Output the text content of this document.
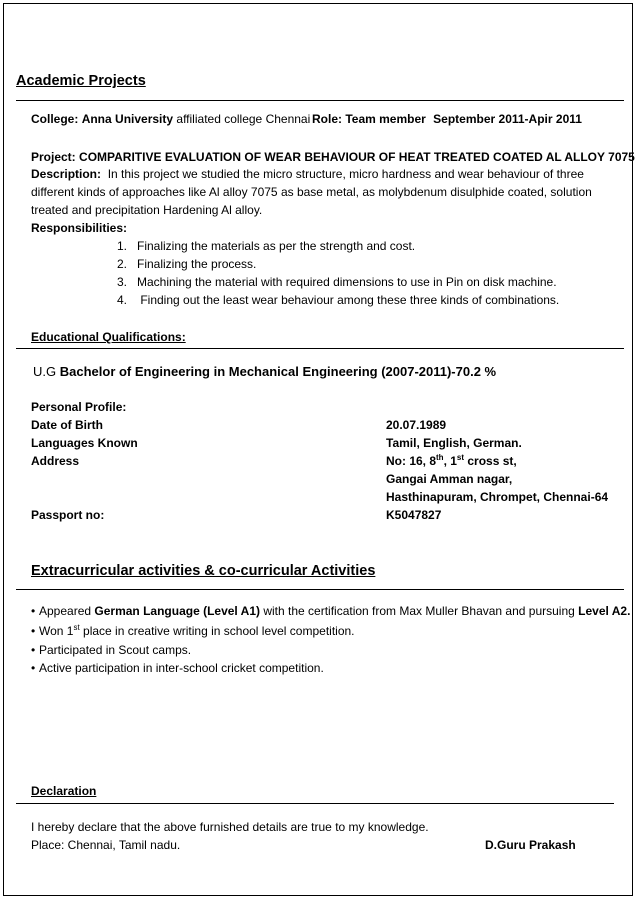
Academic Projects
College: Anna University affiliated college Chennai Role: Team member September 2011-Apir 2011
Project: COMPARITIVE EVALUATION OF WEAR BEHAVIOUR OF HEAT TREATED COATED AL ALLOY 7075
Description: In this project we studied the micro structure, micro hardness and wear behaviour of three different kinds of approaches like Al alloy 7075 as base metal, as molybdenum disulphide coated, solution treated and precipitation Hardening Al alloy.
Responsibilities:
1. Finalizing the materials as per the strength and cost.
2. Finalizing the process.
3. Machining the material with required dimensions to use in Pin on disk machine.
4. Finding out the least wear behaviour among these three kinds of combinations.
Educational Qualifications:
U.G Bachelor of Engineering in Mechanical Engineering (2007-2011)-70.2 %
Personal Profile:
Date of Birth	20.07.1989
Languages Known	Tamil, English, German.
Address	No: 16, 8th, 1st cross st,
Gangai Amman nagar,
Hasthinapuram, Chrompet, Chennai-64
Passport no:	K5047827
Extracurricular activities & co-curricular Activities
• Appeared German Language (Level A1) with the certification from Max Muller Bhavan and pursuing Level A2.
• Won 1st place in creative writing in school level competition.
• Participated in Scout camps.
• Active participation in inter-school cricket competition.
Declaration
I hereby declare that the above furnished details are true to my knowledge.
Place: Chennai, Tamil nadu.	D.Guru Prakash
